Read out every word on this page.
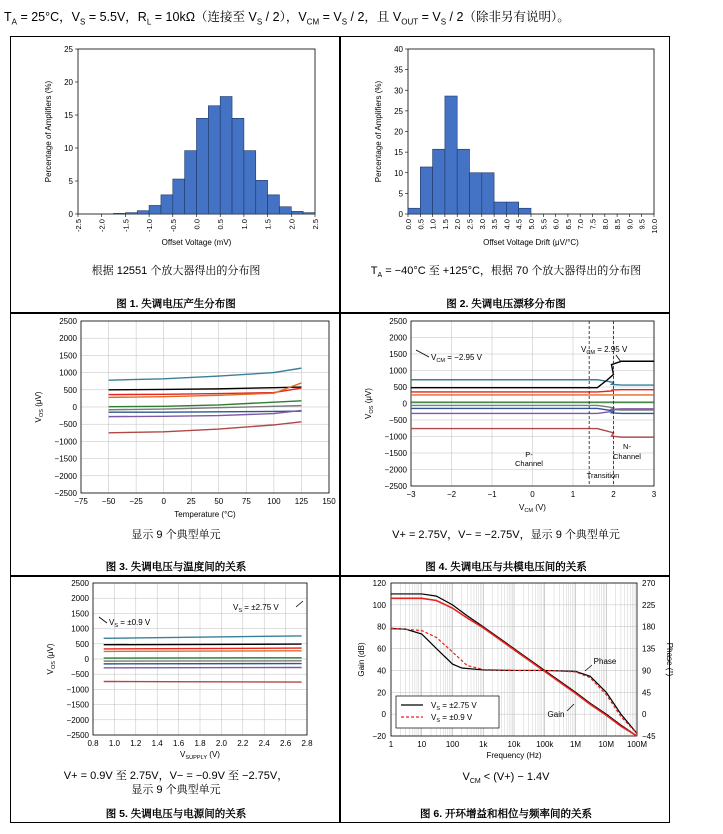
$T_A = 25^\circ C$，$V_S = 5.5V$，$R_L = 10k\Omega$（连接至 $V_S / 2$），$V_{CM} = V_S / 2$，且 $V_{OUT} = V_S / 2$（除非另有说明）。
0
5
10
15
20
25
-2.5 -2.0 -1.5 -1.0 -0.5 0.0 0.5 1.0 1.5 2.0 2.5
Offset Voltage (mV)
Percentage of Amplifiers (%)
根据 12551 个放大器得出的分布图
图 1. 失调电压产生分布图
0
5
10
15
20
25
30
35
40
0.0 0.5 1.0 1.5 2.0 2.5 3.0 3.5 4.0 4.5 5.0 5.5 6.0 6.5 7.0 7.5 8.0 8.5 9.0 9.5 10.0
Offset Voltage Drift (μV/°C)
Percentage of Amplifiers (%)
$T_A = -40^\circ C$ 至 +125°C，根据 70 个放大器得出的分布图
图 2. 失调电压漂移分布图
−2500
−2000
−1500
−1000
−500
0
500
1000
1500
2000
2500
−75 −50 −25 0	25 50 75 100 125 150
Temperature (°C)
$V_{OS}$ (μV)
显示 9 个典型单元
图 3. 失调电压与温度间的关系
−2500
−2000
−1500
−1000
−500
0
500
1000
1500
2000
2500
−3	−2	−1	0	1	2	3
$V_{CM} = -2.95$ V
$V_{CM} = 2.95$ V
P-
Channel
N-
Channel
Transition
$V_{CM}$ (V)
$V_{OS}$ (μV)
V+ = 2.75V，V− = −2.75V，显示 9 个典型单元
图 4. 失调电压与共模电压间的关系
−2500
−2000
−1500
−1000
−500
0
500
1000
1500
2000
2500
0.8 1.0 1.2 1.4 1.6 1.8 2.0 2.2 2.4 2.6 2.8
$V_S = \pm 0.9$ V
$V_S = \pm 2.75$ V
$V_{SUPPLY}$ (V)
$V_{OS}$ (μV)
V+ = 0.9V 至 2.75V，V− = −0.9V 至 −2.75V，
显示 9 个典型单元
图 5. 失调电压与电源间的关系
−20
0
20
40
60
80
100
120
−45
0
45
90
135
180
225
270
1	10 100 1k	10k 100k 1M 10M 100M
Phase
Gain
$V_S = \pm 2.75$ V
$V_S = \pm 0.9$ V
Frequency (Hz)
Gain (dB)	Phase (°)
$V_{CM} < (V+) - 1.4V$
图 6. 开环增益和相位与频率间的关系
